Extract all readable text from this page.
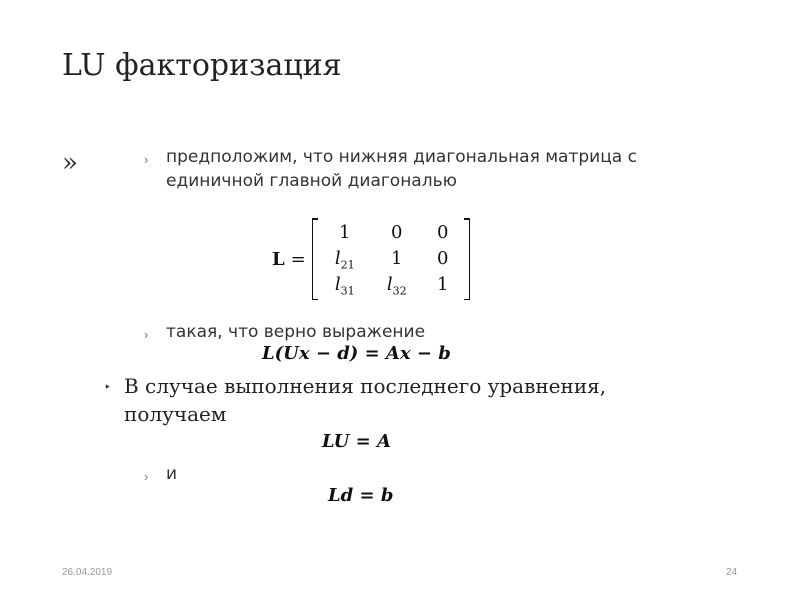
LU факторизация
»	› предположим, что нижняя диагональная матрица с
единичной главной диагональю
L =
1	0	0
$l_{21}$	1	0
$l_{31}$	$l_{32}$	1
› такая, что верно выражение
L(Ux − d) = Ax − b
‣ В случае выполнения последнего уравнения,
получаем
LU = A
› и
Ld = b
26.04.2019	24
